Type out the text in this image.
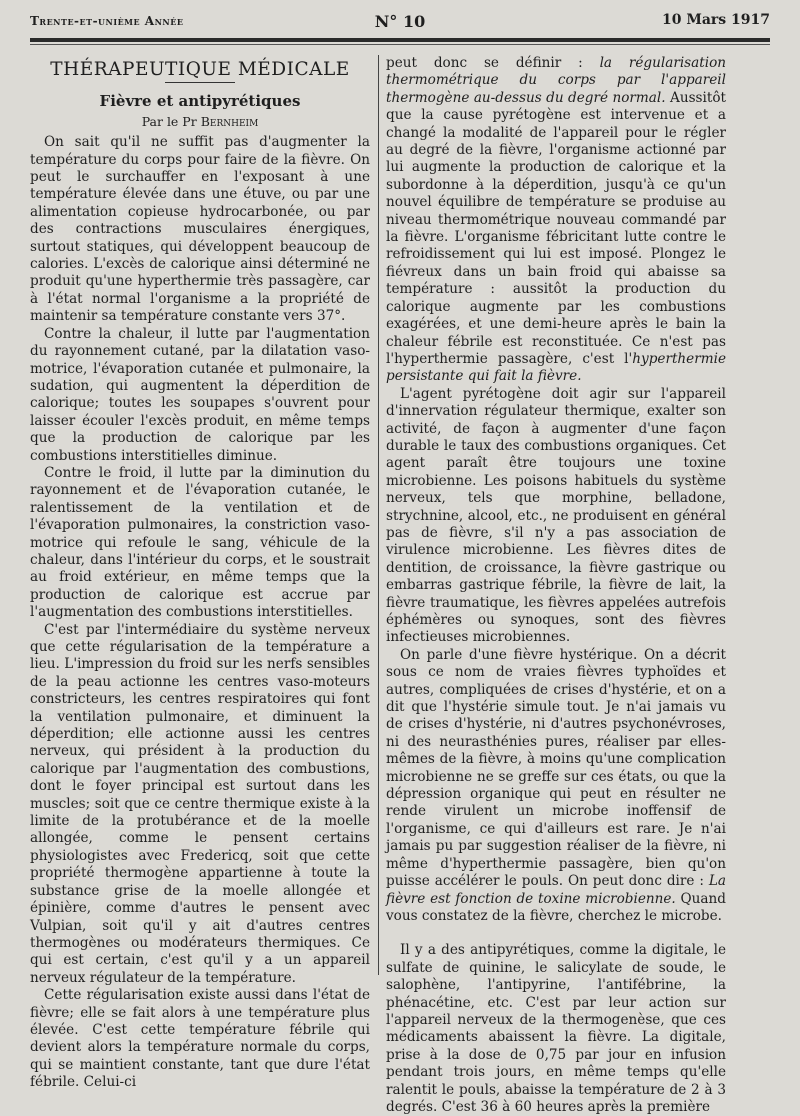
Trente-et-unième Année	N° 10	10 Mars 1917
THÉRAPEUTIQUE MÉDICALE
Fièvre et antipyrétiques
Par le Pr Bernheim

On sait qu'il ne suffit pas d'augmenter la température du corps pour faire de la fièvre. On peut le surchauffer en l'exposant à une température élevée dans une étuve, ou par une alimentation copieuse hydrocarbonée, ou par des contractions musculaires énergiques, surtout statiques, qui développent beaucoup de calories. L'excès de calorique ainsi déterminé ne produit qu'une hyperthermie très passagère, car à l'état normal l'organisme a la propriété de maintenir sa température constante vers 37°.

Contre la chaleur, il lutte par l'augmentation du rayonnement cutané, par la dilatation vaso-motrice, l'évaporation cutanée et pulmonaire, la sudation, qui augmentent la déperdition de calorique; toutes les soupapes s'ouvrent pour laisser écouler l'excès produit, en même temps que la production de calorique par les combustions interstitielles diminue.

Contre le froid, il lutte par la diminution du rayonnement et de l'évaporation cutanée, le ralentissement de la ventilation et de l'évaporation pulmonaires, la constriction vaso-motrice qui refoule le sang, véhicule de la chaleur, dans l'intérieur du corps, et le soustrait au froid extérieur, en même temps que la production de calorique est accrue par l'augmentation des combustions interstitielles.

C'est par l'intermédiaire du système nerveux que cette régularisation de la température a lieu. L'impression du froid sur les nerfs sensibles de la peau actionne les centres vaso-moteurs constricteurs, les centres respiratoires qui font la ventilation pulmonaire, et diminuent la déperdition; elle actionne aussi les centres nerveux, qui président à la production du calorique par l'augmentation des combustions, dont le foyer principal est surtout dans les muscles; soit que ce centre thermique existe à la limite de la protubérance et de la moelle allongée, comme le pensent certains physiologistes avec Fredericq, soit que cette propriété thermogène appartienne à toute la substance grise de la moelle allongée et épinière, comme d'autres le pensent avec Vulpian, soit qu'il y ait d'autres centres thermogènes ou modérateurs thermiques. Ce qui est certain, c'est qu'il y a un appareil nerveux régulateur de la température.

Cette régularisation existe aussi dans l'état de fièvre; elle se fait alors à une température plus élevée. C'est cette température fébrile qui devient alors la température normale du corps, qui se maintient constante, tant que dure l'état fébrile. Celui-ci

peut donc se définir : la régularisation thermométrique du corps par l'appareil thermogène au-dessus du degré normal. Aussitôt que la cause pyrétogène est intervenue et a changé la modalité de l'appareil pour le régler au degré de la fièvre, l'organisme actionné par lui augmente la production de calorique et la subordonne à la déperdition, jusqu'à ce qu'un nouvel équilibre de température se produise au niveau thermométrique nouveau commandé par la fièvre. L'organisme fébricitant lutte contre le refroidissement qui lui est imposé. Plongez le fiévreux dans un bain froid qui abaisse sa température : aussitôt la production du calorique augmente par les combustions exagérées, et une demi-heure après le bain la chaleur fébrile est reconstituée. Ce n'est pas l'hyperthermie passagère, c'est l'hyperthermie persistante qui fait la fièvre.

L'agent pyrétogène doit agir sur l'appareil d'innervation régulateur thermique, exalter son activité, de façon à augmenter d'une façon durable le taux des combustions organiques. Cet agent paraît être toujours une toxine microbienne. Les poisons habituels du système nerveux, tels que morphine, belladone, strychnine, alcool, etc., ne produisent en général pas de fièvre, s'il n'y a pas association de virulence microbienne. Les fièvres dites de dentition, de croissance, la fièvre gastrique ou embarras gastrique fébrile, la fièvre de lait, la fièvre traumatique, les fièvres appelées autrefois éphémères ou synoques, sont des fièvres infectieuses microbiennes.

On parle d'une fièvre hystérique. On a décrit sous ce nom de vraies fièvres typhoïdes et autres, compliquées de crises d'hystérie, et on a dit que l'hystérie simule tout. Je n'ai jamais vu de crises d'hystérie, ni d'autres psychonévroses, ni des neurasthénies pures, réaliser par elles-mêmes de la fièvre, à moins qu'une complication microbienne ne se greffe sur ces états, ou que la dépression organique qui peut en résulter ne rende virulent un microbe inoffensif de l'organisme, ce qui d'ailleurs est rare. Je n'ai jamais pu par suggestion réaliser de la fièvre, ni même d'hyperthermie passagère, bien qu'on puisse accélérer le pouls. On peut donc dire : La fièvre est fonction de toxine microbienne. Quand vous constatez de la fièvre, cherchez le microbe.

Il y a des antipyrétiques, comme la digitale, le sulfate de quinine, le salicylate de soude, le salophène, l'antipyrine, l'antifébrine, la phénacétine, etc. C'est par leur action sur l'appareil nerveux de la thermogenèse, que ces médicaments abaissent la fièvre. La digitale, prise à la dose de 0,75 par jour en infusion pendant trois jours, en même temps qu'elle ralentit le pouls, abaisse la température de 2 à 3 degrés. C'est 36 à 60 heures après la première
